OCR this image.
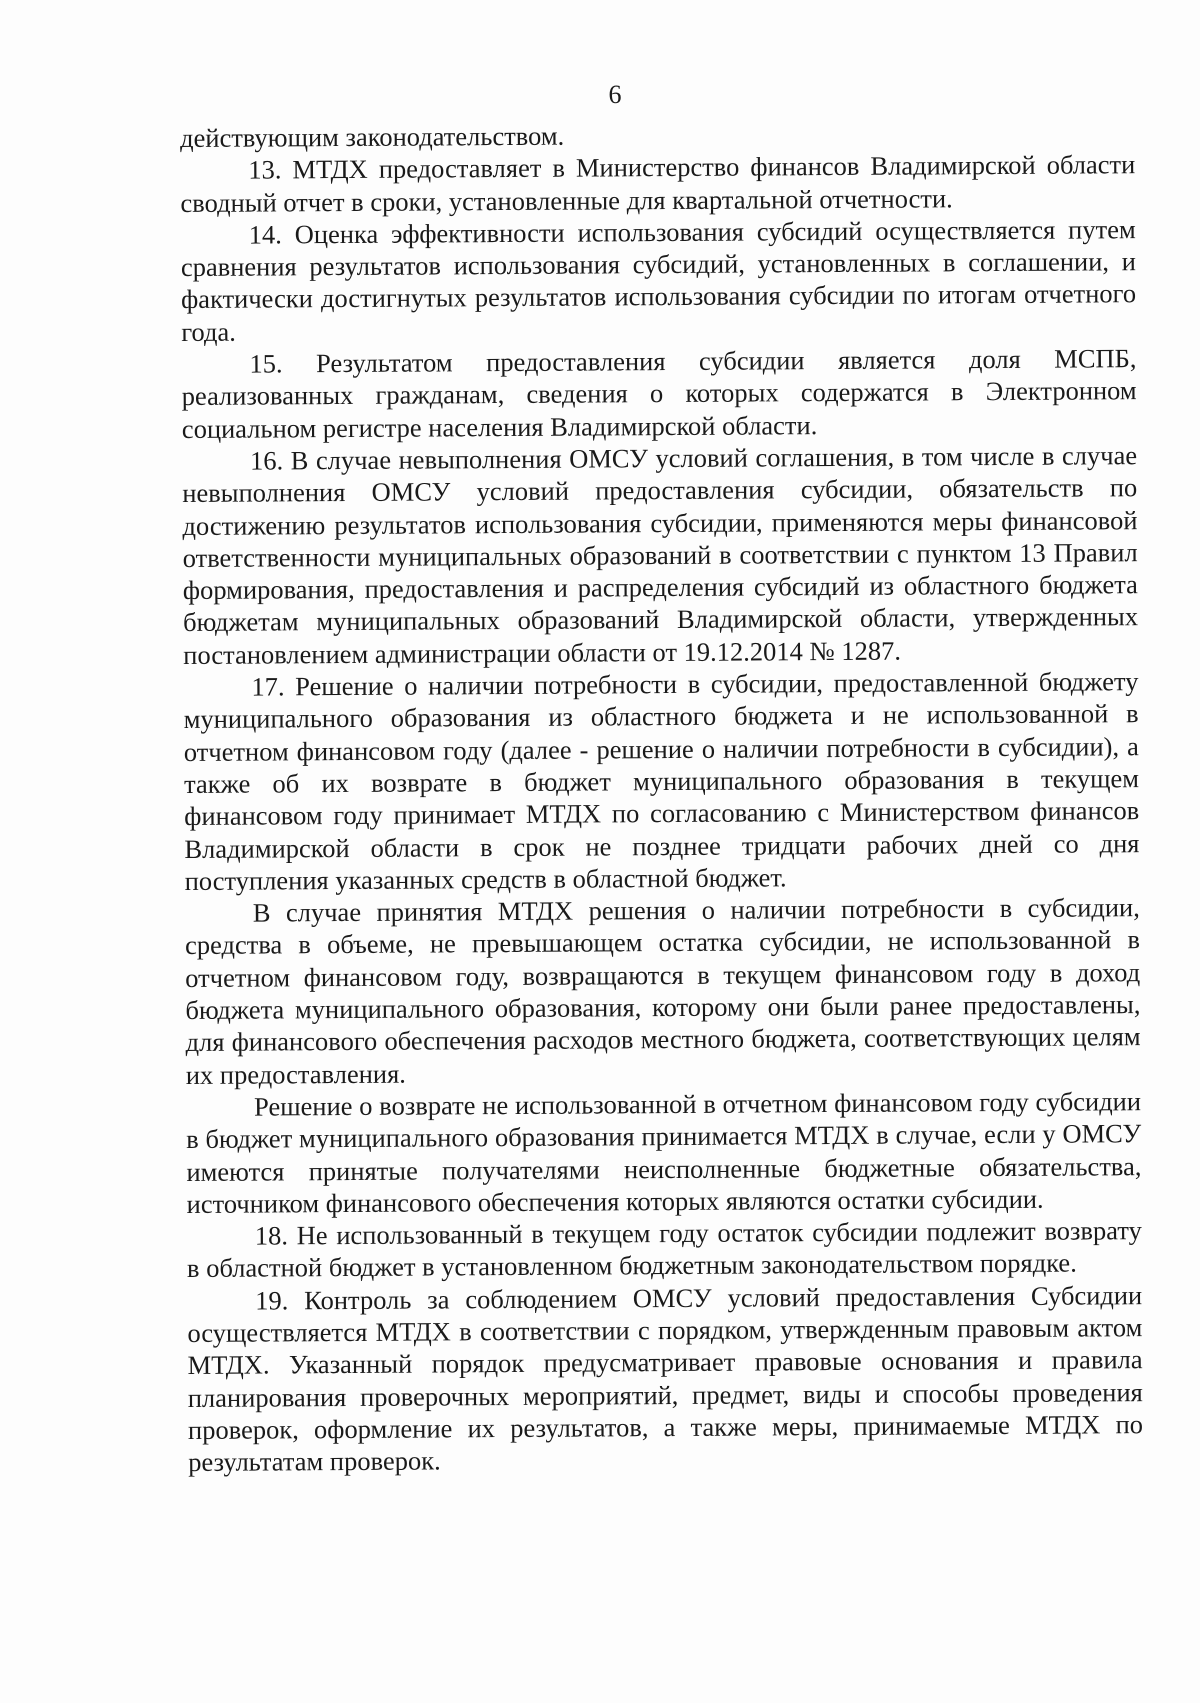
6

действующим законодательством.

13. МТДХ предоставляет в Министерство финансов Владимирской области сводный отчет в сроки, установленные для квартальной отчетности.

14. Оценка эффективности использования субсидий осуществляется путем сравнения результатов использования субсидий, установленных в соглашении, и фактически достигнутых результатов использования субсидии по итогам отчетного года.

15. Результатом предоставления субсидии является доля МСПБ, реализованных гражданам, сведения о которых содержатся в Электронном социальном регистре населения Владимирской области.

16. В случае невыполнения ОМСУ условий соглашения, в том числе в случае невыполнения ОМСУ условий предоставления субсидии, обязательств по достижению результатов использования субсидии, применяются меры финансовой ответственности муниципальных образований в соответствии с пунктом 13 Правил формирования, предоставления и распределения субсидий из областного бюджета бюджетам муниципальных образований Владимирской области, утвержденных постановлением администрации области от 19.12.2014 № 1287.

17. Решение о наличии потребности в субсидии, предоставленной бюджету муниципального образования из областного бюджета и не использованной в отчетном финансовом году (далее - решение о наличии потребности в субсидии), а также об их возврате в бюджет муниципального образования в текущем финансовом году принимает МТДХ по согласованию с Министерством финансов Владимирской области в срок не позднее тридцати рабочих дней со дня поступления указанных средств в областной бюджет.

В случае принятия МТДХ решения о наличии потребности в субсидии, средства в объеме, не превышающем остатка субсидии, не использованной в отчетном финансовом году, возвращаются в текущем финансовом году в доход бюджета муниципального образования, которому они были ранее предоставлены, для финансового обеспечения расходов местного бюджета, соответствующих целям их предоставления.

Решение о возврате не использованной в отчетном финансовом году субсидии в бюджет муниципального образования принимается МТДХ в случае, если у ОМСУ имеются принятые получателями неисполненные бюджетные обязательства, источником финансового обеспечения которых являются остатки субсидии.

18. Не использованный в текущем году остаток субсидии подлежит возврату в областной бюджет в установленном бюджетным законодательством порядке.

19. Контроль за соблюдением ОМСУ условий предоставления Субсидии осуществляется МТДХ в соответствии с порядком, утвержденным правовым актом МТДХ. Указанный порядок предусматривает правовые основания и правила планирования проверочных мероприятий, предмет, виды и способы проведения проверок, оформление их результатов, а также меры, принимаемые МТДХ по результатам проверок.
